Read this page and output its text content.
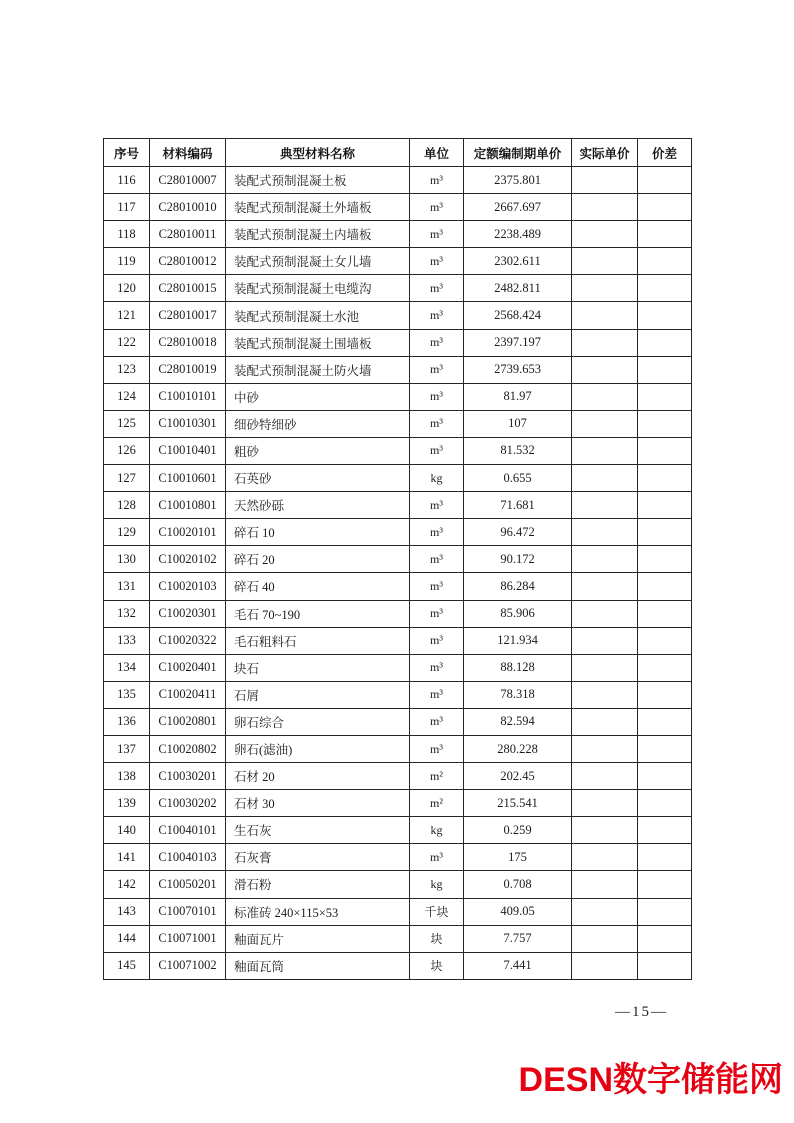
序号	材料编码	典型材料名称	单位	定额编制期单价	实际单价	价差
116	C28010007	装配式预制混凝土板	m³	2375.801		
117	C28010010	装配式预制混凝土外墙板	m³	2667.697		
118	C28010011	装配式预制混凝土内墙板	m³	2238.489		
119	C28010012	装配式预制混凝土女儿墙	m³	2302.611		
120	C28010015	装配式预制混凝土电缆沟	m³	2482.811		
121	C28010017	装配式预制混凝土水池	m³	2568.424		
122	C28010018	装配式预制混凝土围墙板	m³	2397.197		
123	C28010019	装配式预制混凝土防火墙	m³	2739.653		
124	C10010101	中砂	m³	81.97		
125	C10010301	细砂特细砂	m³	107		
126	C10010401	粗砂	m³	81.532		
127	C10010601	石英砂	kg	0.655		
128	C10010801	天然砂砾	m³	71.681		
129	C10020101	碎石 10	m³	96.472		
130	C10020102	碎石 20	m³	90.172		
131	C10020103	碎石 40	m³	86.284		
132	C10020301	毛石 70~190	m³	85.906		
133	C10020322	毛石粗料石	m³	121.934		
134	C10020401	块石	m³	88.128		
135	C10020411	石屑	m³	78.318		
136	C10020801	卵石综合	m³	82.594		
137	C10020802	卵石(滤油)	m³	280.228		
138	C10030201	石材 20	m²	202.45		
139	C10030202	石材 30	m²	215.541		
140	C10040101	生石灰	kg	0.259		
141	C10040103	石灰膏	m³	175		
142	C10050201	滑石粉	kg	0.708		
143	C10070101	标准砖 240×115×53	千块	409.05		
144	C10071001	釉面瓦片	块	7.757		
145	C10071002	釉面瓦筒	块	7.441		
—15—
DESN数字储能网
